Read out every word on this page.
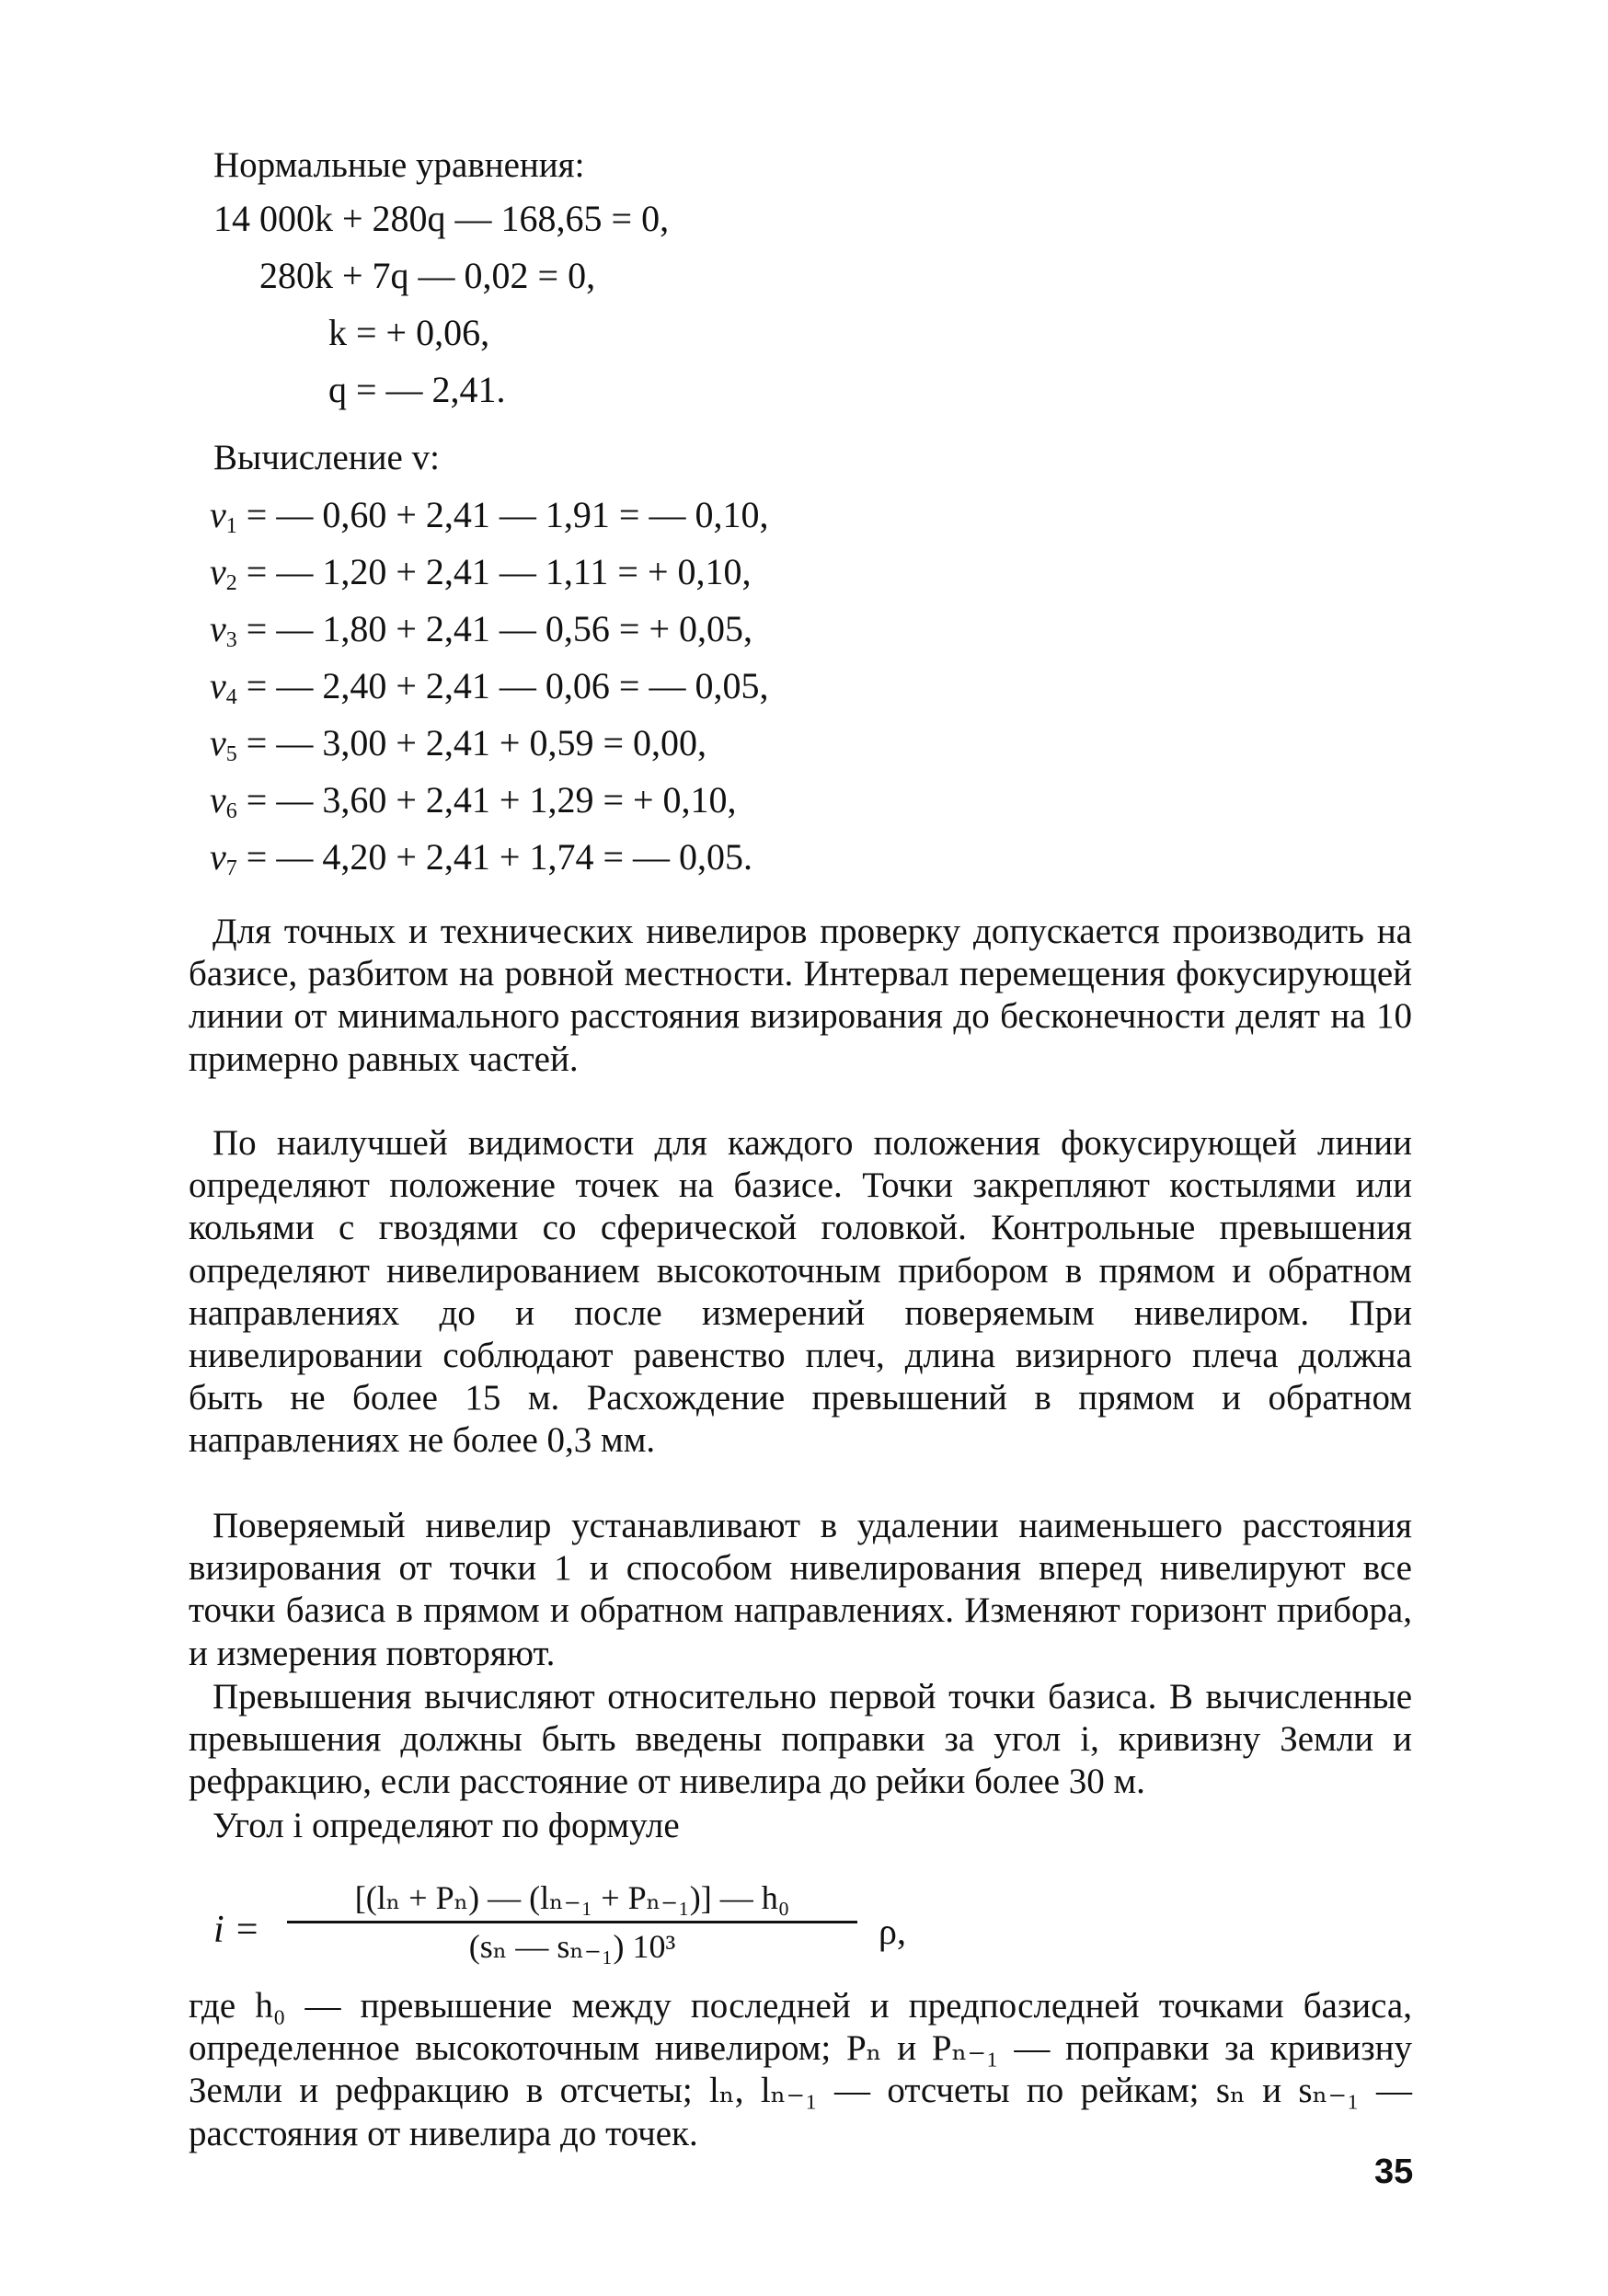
Нормальные уравнения:
14 000k + 280q — 168,65 = 0,
280k + 7q — 0,02 = 0,
k = + 0,06,
q = — 2,41.
Вычисление v:
$v_1$ = — 0,60 + 2,41 — 1,91 = — 0,10,
$v_2$ = — 1,20 + 2,41 — 1,11 = + 0,10,
$v_3$ = — 1,80 + 2,41 — 0,56 = + 0,05,
$v_4$ = — 2,40 + 2,41 — 0,06 = — 0,05,
$v_5$ = — 3,00 + 2,41 + 0,59 = 0,00,
$v_6$ = — 3,60 + 2,41 + 1,29 = + 0,10,
$v_7$ = — 4,20 + 2,41 + 1,74 = — 0,05.
Для точных и технических нивелиров проверку допускается производить на базисе, разбитом на ровной местности. Интервал перемещения фокусирующей линии от минимального расстояния визирования до бесконечности делят на 10 примерно равных частей.
По наилучшей видимости для каждого положения фокусирующей линии определяют положение точек на базисе. Точки закрепляют костылями или кольями с гвоздями со сферической головкой. Контрольные превышения определяют нивелированием высокоточным прибором в прямом и обратном направлениях до и после измерений поверяемым нивелиром. При нивелировании соблюдают равенство плеч, длина визирного плеча должна быть не более 15 м. Расхождение превышений в прямом и обратном направлениях не более 0,3 мм.
Поверяемый нивелир устанавливают в удалении наименьшего расстояния визирования от точки 1 и способом нивелирования вперед нивелируют все точки базиса в прямом и обратном направлениях. Изменяют горизонт прибора, и измерения повторяют.
Превышения вычисляют относительно первой точки базиса. В вычисленные превышения должны быть введены поправки за угол i, кривизну Земли и рефракцию, если расстояние от нивелира до рейки более 30 м.
Угол i определяют по формуле
i =
[(lₙ + Pₙ) — (lₙ₋₁ + Pₙ₋₁)] — h₀
(sₙ — sₙ₋₁) 10³	ρ,
где h₀ — превышение между последней и предпоследней точками базиса, определенное высокоточным нивелиром; Pₙ и Pₙ₋₁ — поправки за кривизну Земли и рефракцию в отсчеты; lₙ, lₙ₋₁ — отсчеты по рейкам; sₙ и sₙ₋₁ — расстояния от нивелира до точек.
35
